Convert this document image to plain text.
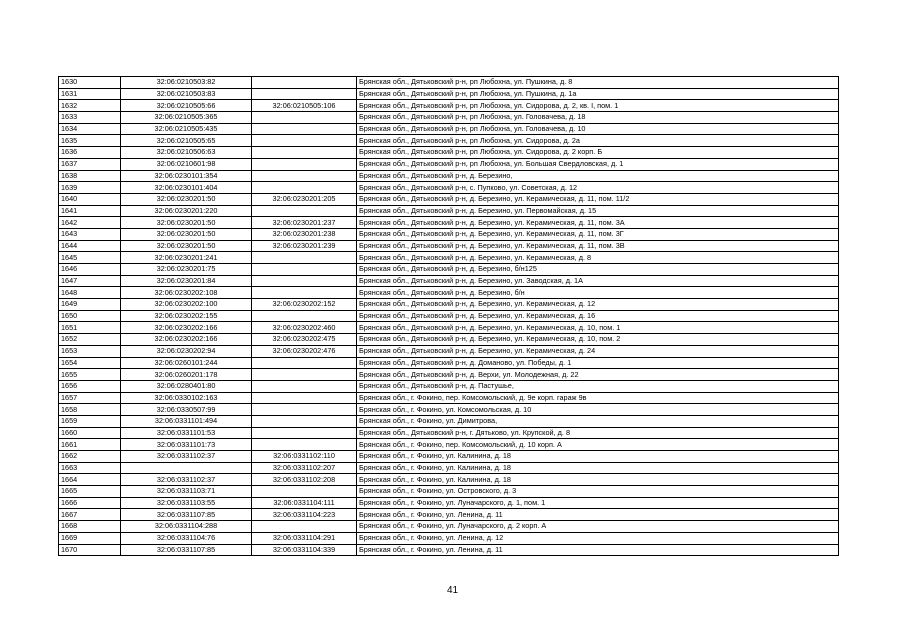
1630	32:06:0210503:82		Брянская обл., Дятьковский р-н, рп Любохна, ул. Пушкина, д. 8
1631	32:06:0210503:83		Брянская обл., Дятьковский р-н, рп Любохна, ул. Пушкина, д. 1а
1632	32:06:0210505:66	32:06:0210505:106	Брянская обл., Дятьковский р-н, рп Любохна, ул. Сидорова, д. 2, кв. I, пом. 1
1633	32:06:0210505:365		Брянская обл., Дятьковский р-н, рп Любохна, ул. Головачева, д. 18
1634	32:06:0210505:435		Брянская обл., Дятьковский р-н, рп Любохна, ул. Головачева, д. 10
1635	32:06:0210505:65		Брянская обл., Дятьковский р-н, рп Любохна, ул. Сидорова, д. 2а
1636	32:06:0210506:63		Брянская обл., Дятьковский р-н, рп Любохна, ул. Сидорова, д. 2 корп. Б
1637	32:06:0210601:98		Брянская обл., Дятьковский р-н, рп Любохна, ул. Большая Свердловская, д. 1
1638	32:06:0230101:354		Брянская обл., Дятьковский р-н, д. Березино,
1639	32:06:0230101:404		Брянская обл., Дятьковский р-н, с. Пупково, ул. Советская, д. 12
1640	32:06:0230201:50	32:06:0230201:205	Брянская обл., Дятьковский р-н, д. Березино, ул. Керамическая, д. 11, пом. 11/2
1641	32:06:0230201:220		Брянская обл., Дятьковский р-н, д. Березино, ул. Первомайская, д. 15
1642	32:06:0230201:50	32:06:0230201:237	Брянская обл., Дятьковский р-н, д. Березино, ул. Керамическая, д. 11, пом. 3А
1643	32:06:0230201:50	32:06:0230201:238	Брянская обл., Дятьковский р-н, д. Березино, ул. Керамическая, д. 11, пом. 3Г
1644	32:06:0230201:50	32:06:0230201:239	Брянская обл., Дятьковский р-н, д. Березино, ул. Керамическая, д. 11, пом. 3В
1645	32:06:0230201:241		Брянская обл., Дятьковский р-н, д. Березино, ул. Керамическая, д. 8
1646	32:06:0230201:75		Брянская обл., Дятьковский р-н, д. Березино, б/н125
1647	32:06:0230201:84		Брянская обл., Дятьковский р-н, д. Березино, ул. Заводская, д. 1А
1648	32:06:0230202:108		Брянская обл., Дятьковский р-н, д. Березино, б/н
1649	32:06:0230202:100	32:06:0230202:152	Брянская обл., Дятьковский р-н, д. Березино, ул. Керамическая, д. 12
1650	32:06:0230202:155		Брянская обл., Дятьковский р-н, д. Березино, ул. Керамическая, д. 16
1651	32:06:0230202:166	32:06:0230202:460	Брянская обл., Дятьковский р-н, д. Березино, ул. Керамическая, д. 10, пом. 1
1652	32:06:0230202:166	32:06:0230202:475	Брянская обл., Дятьковский р-н, д. Березино, ул. Керамическая, д. 10, пом. 2
1653	32:06:0230202:94	32:06:0230202:476	Брянская обл., Дятьковский р-н, д. Березино, ул. Керамическая, д. 24
1654	32:06:0260101:244		Брянская обл., Дятьковский р-н, д. Доманово, ул. Победы, д. 1
1655	32:06:0260201:178		Брянская обл., Дятьковский р-н, д. Верхи, ул. Молодежная, д. 22
1656	32:06:0280401:80		Брянская обл., Дятьковский р-н, д. Пастушье,
1657	32:06:0330102:163		Брянская обл., г. Фокино, пер. Комсомольский, д. 9е корп. гараж 9в
1658	32:06:0330507:99		Брянская обл., г. Фокино, ул. Комсомольская, д. 10
1659	32:06:0331101:494		Брянская обл., г. Фокино, ул. Димитрова,
1660	32:06:0331101:53		Брянская обл., Дятьковский р-н, г. Дятьково, ул. Крупской, д. 8
1661	32:06:0331101:73		Брянская обл., г. Фокино, пер. Комсомольский, д. 10 корп. А
1662	32:06:0331102:37	32:06:0331102:110	Брянская обл., г. Фокино, ул. Калинина, д. 18
1663		32:06:0331102:207	Брянская обл., г. Фокино, ул. Калинина, д. 18
1664	32:06:0331102:37	32:06:0331102:208	Брянская обл., г. Фокино, ул. Калинина, д. 18
1665	32:06:0331103:71		Брянская обл., г. Фокино, ул. Островского, д. 3
1666	32:06:0331103:55	32:06:0331104:111	Брянская обл., г. Фокино, ул. Луначарского, д. 1, пом. 1
1667	32:06:0331107:85	32:06:0331104:223	Брянская обл., г. Фокино, ул. Ленина, д. 11
1668	32:06:0331104:288		Брянская обл., г. Фокино, ул. Луначарского, д. 2 корп. А
1669	32:06:0331104:76	32:06:0331104:291	Брянская обл., г. Фокино, ул. Ленина, д. 12
1670	32:06:0331107:85	32:06:0331104:339	Брянская обл., г. Фокино, ул. Ленина, д. 11
41
